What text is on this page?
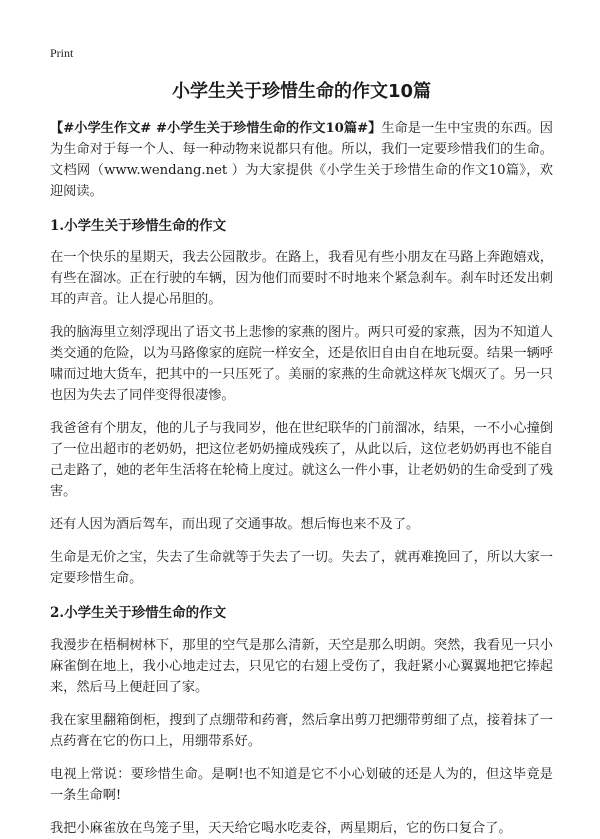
Print
小学生关于珍惜生命的作文10篇

【#小学生作文# #小学生关于珍惜生命的作文10篇#】生命是一生中宝贵的东西。因为生命对于每一个人、每一种动物来说都只有他。所以，我们一定要珍惜我们的生命。文档网（www.wendang.net ）为大家提供《小学生关于珍惜生命的作文10篇》，欢迎阅读。

1.小学生关于珍惜生命的作文

在一个快乐的星期天，我去公园散步。在路上，我看见有些小朋友在马路上奔跑嬉戏，有些在溜冰。正在行驶的车辆，因为他们而要时不时地来个紧急刹车。刹车时还发出刺耳的声音。让人提心吊胆的。

我的脑海里立刻浮现出了语文书上悲惨的家燕的图片。两只可爱的家燕，因为不知道人类交通的危险，以为马路像家的庭院一样安全，还是依旧自由自在地玩耍。结果一辆呼啸而过地大货车，把其中的一只压死了。美丽的家燕的生命就这样灰飞烟灭了。另一只也因为失去了同伴变得很凄惨。

我爸爸有个朋友，他的儿子与我同岁，他在世纪联华的门前溜冰，结果，一不小心撞倒了一位出超市的老奶奶，把这位老奶奶撞成残疾了，从此以后，这位老奶奶再也不能自己走路了，她的老年生活将在轮椅上度过。就这么一件小事，让老奶奶的生命受到了残害。

还有人因为酒后驾车，而出现了交通事故。想后悔也来不及了。

生命是无价之宝，失去了生命就等于失去了一切。失去了，就再难挽回了，所以大家一定要珍惜生命。

2.小学生关于珍惜生命的作文

我漫步在梧桐树林下，那里的空气是那么清新，天空是那么明朗。突然，我看见一只小麻雀倒在地上，我小心地走过去，只见它的右翅上受伤了，我赶紧小心翼翼地把它捧起来，然后马上便赶回了家。

我在家里翻箱倒柜，搜到了点绷带和药膏，然后拿出剪刀把绷带剪细了点，接着抹了一点药膏在它的伤口上，用绷带系好。

电视上常说：要珍惜生命。是啊!也不知道是它不小心划破的还是人为的，但这毕竟是一条生命啊!

我把小麻雀放在鸟笼子里，天天给它喝水吃麦谷，两星期后，它的伤口复合了。
